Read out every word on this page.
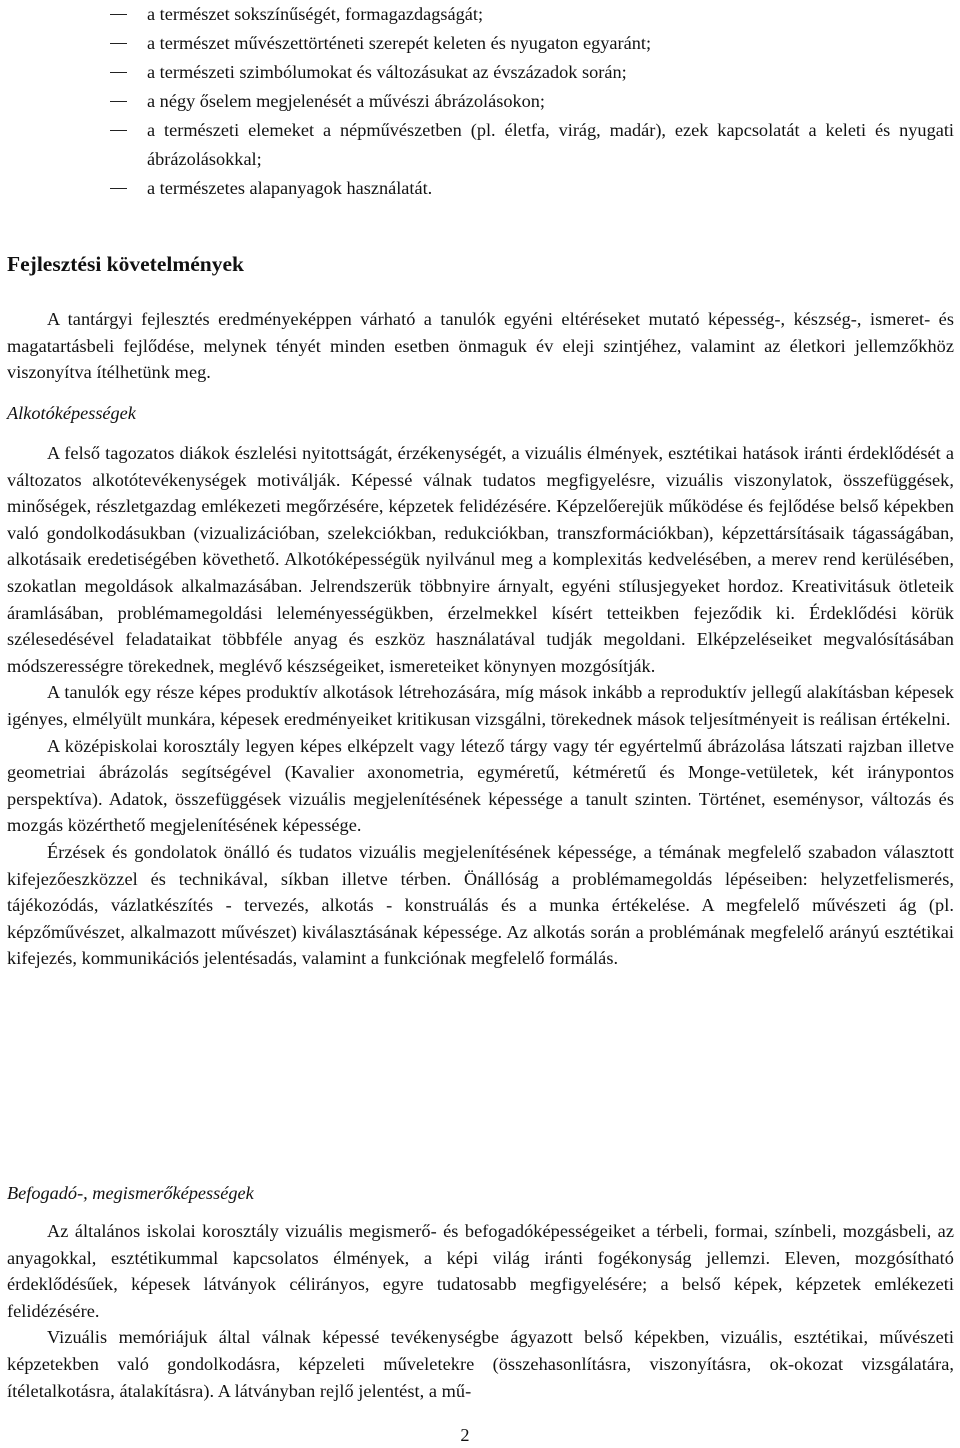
a természet sokszínűségét, formagazdagságát;
a természet művészettörténeti szerepét keleten és nyugaton egyaránt;
a természeti szimbólumokat és változásukat az évszázadok során;
a négy őselem megjelenését a művészi ábrázolásokon;
a természeti elemeket a népművészetben (pl. életfa, virág, madár), ezek kapcsolatát a keleti és nyugati ábrázolásokkal;
a természetes alapanyagok használatát.
Fejlesztési követelmények

A tantárgyi fejlesztés eredményeképpen várható a tanulók egyéni eltéréseket mutató képesség-, készség-, ismeret- és magatartásbeli fejlődése, melynek tényét minden esetben önmaguk év eleji szintjéhez, valamint az életkori jellemzőkhöz viszonyítva ítélhetünk meg.

Alkotóképességek

A felső tagozatos diákok észlelési nyitottságát, érzékenységét, a vizuális élmények, esztétikai hatások iránti érdeklődését a változatos alkotótevékenységek motiválják. Képessé válnak tudatos megfigyelésre, vizuális viszonylatok, összefüggések, minőségek, részletgazdag emlékezeti megőrzésére, képzetek felidézésére. Képzelőerejük működése és fejlődése belső képekben való gondolkodásukban (vizualizációban, szelekciókban, redukciókban, transzformációkban), képzettársításaik tágasságában, alkotásaik eredetiségében követhető. Alkotóképességük nyilvánul meg a komplexitás kedvelésében, a merev rend kerülésében, szokatlan megoldások alkalmazásában. Jelrendszerük többnyire árnyalt, egyéni stílusjegyeket hordoz. Kreativitásuk ötleteik áramlásában, problémamegoldási leleményességükben, érzelmekkel kísért tetteikben fejeződik ki. Érdeklődési körük szélesedésével feladataikat többféle anyag és eszköz használatával tudják megoldani. Elképzeléseiket megvalósításában módszerességre törekednek, meglévő készségeiket, ismereteiket könynyen mozgósítják.

A tanulók egy része képes produktív alkotások létrehozására, míg mások inkább a reproduktív jellegű alakításban képesek igényes, elmélyült munkára, képesek eredményeiket kritikusan vizsgálni, törekednek mások teljesítményeit is reálisan értékelni.

A középiskolai korosztály legyen képes elképzelt vagy létező tárgy vagy tér egyértelmű ábrázolása látszati rajzban illetve geometriai ábrázolás segítségével (Kavalier axonometria, egyméretű, kétméretű és Monge-vetületek, két iránypontos perspektíva). Adatok, összefüggések vizuális megjelenítésének képessége a tanult szinten. Történet, eseménysor, változás és mozgás közérthető megjelenítésének képessége.

Érzések és gondolatok önálló és tudatos vizuális megjelenítésének képessége, a témának megfelelő szabadon választott kifejezőeszközzel és technikával, síkban illetve térben. Önállóság a problémamegoldás lépéseiben: helyzetfelismerés, tájékozódás, vázlatkészítés - tervezés, alkotás - konstruálás és a munka értékelése. A megfelelő művészeti ág (pl. képzőművészet, alkalmazott művészet) kiválasztásának képessége. Az alkotás során a problémának megfelelő arányú esztétikai kifejezés, kommunikációs jelentésadás, valamint a funkciónak megfelelő formálás.

Befogadó-, megismerőképességek

Az általános iskolai korosztály vizuális megismerő- és befogadóképességeiket a térbeli, formai, színbeli, mozgásbeli, az anyagokkal, esztétikummal kapcsolatos élmények, a képi világ iránti fogékonyság jellemzi. Eleven, mozgósítható érdeklődésűek, képesek látványok célirányos, egyre tudatosabb megfigyelésére; a belső képek, képzetek emlékezeti felidézésére.

Vizuális memóriájuk által válnak képessé tevékenységbe ágyazott belső képekben, vizuális, esztétikai, művészeti képzetekben való gondolkodásra, képzeleti műveletekre (összehasonlításra, viszonyításra, ok-okozat vizsgálatára, ítéletalkotásra, átalakításra). A látványban rejlő jelentést, a mű-

2
